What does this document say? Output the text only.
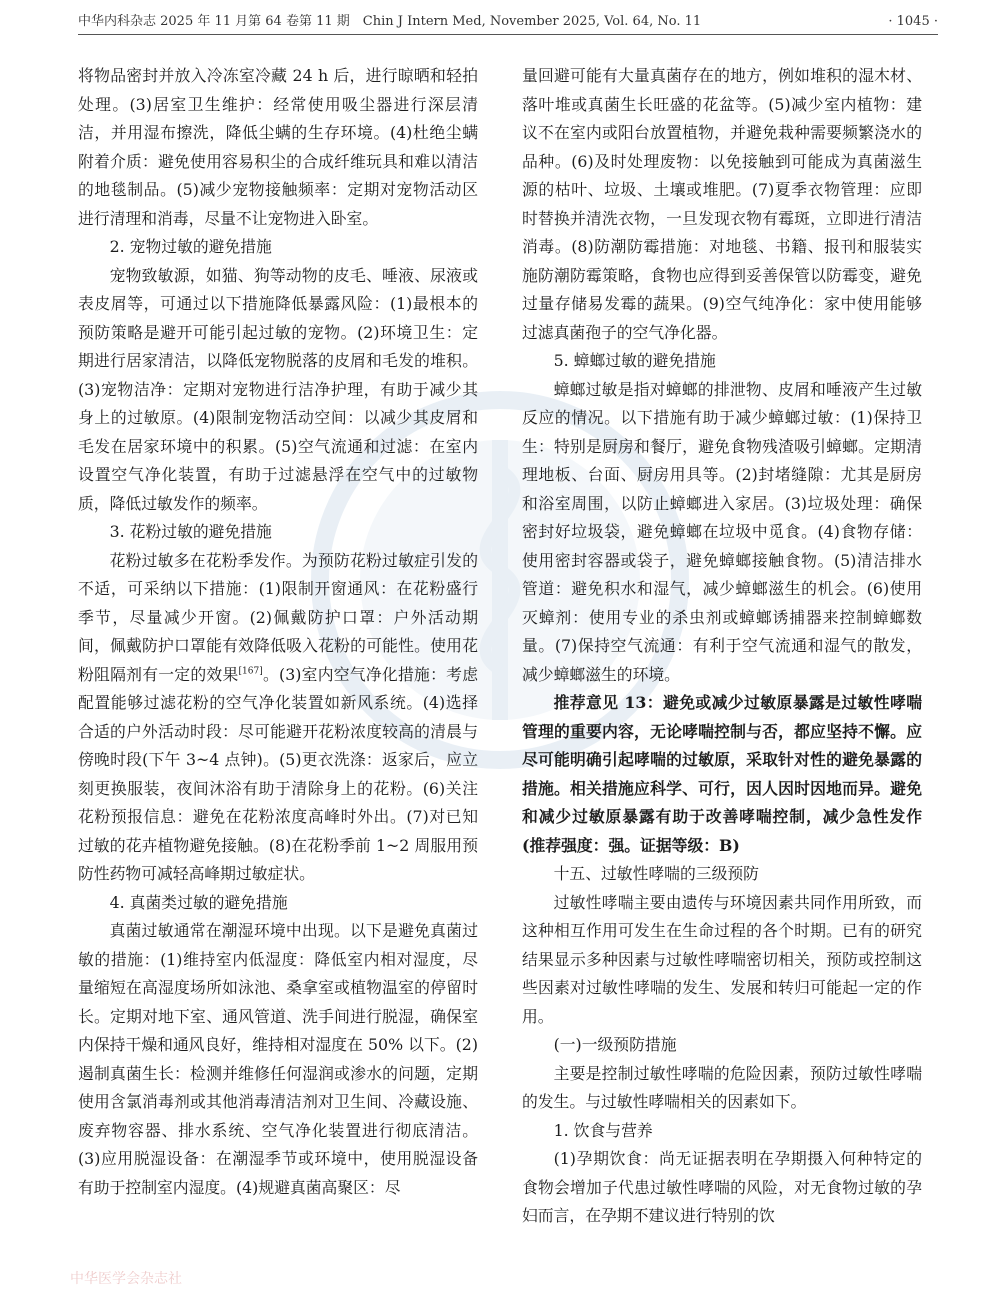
中华内科杂志 2025 年 11 月第 64 卷第 11 期　Chin J Intern Med, November 2025, Vol. 64, No. 11	· 1045 ·

将物品密封并放入冷冻室冷藏 24 h 后，进行晾晒和轻拍处理。(3)居室卫生维护：经常使用吸尘器进行深层清洁，并用湿布擦洗，降低尘螨的生存环境。(4)杜绝尘螨附着介质：避免使用容易积尘的合成纤维玩具和难以清洁的地毯制品。(5)减少宠物接触频率：定期对宠物活动区进行清理和消毒，尽量不让宠物进入卧室。

2. 宠物过敏的避免措施

宠物致敏源，如猫、狗等动物的皮毛、唾液、尿液或表皮屑等，可通过以下措施降低暴露风险：(1)最根本的预防策略是避开可能引起过敏的宠物。(2)环境卫生：定期进行居家清洁，以降低宠物脱落的皮屑和毛发的堆积。(3)宠物洁净：定期对宠物进行洁净护理，有助于减少其身上的过敏原。(4)限制宠物活动空间：以减少其皮屑和毛发在居家环境中的积累。(5)空气流通和过滤：在室内设置空气净化装置，有助于过滤悬浮在空气中的过敏物质，降低过敏发作的频率。

3. 花粉过敏的避免措施

花粉过敏多在花粉季发作。为预防花粉过敏症引发的不适，可采纳以下措施：(1)限制开窗通风：在花粉盛行季节，尽量减少开窗。(2)佩戴防护口罩：户外活动期间，佩戴防护口罩能有效降低吸入花粉的可能性。使用花粉阻隔剂有一定的效果[167]。(3)室内空气净化措施：考虑配置能够过滤花粉的空气净化装置如新风系统。(4)选择合适的户外活动时段：尽可能避开花粉浓度较高的清晨与傍晚时段(下午 3~4 点钟)。(5)更衣洗涤：返家后，应立刻更换服装，夜间沐浴有助于清除身上的花粉。(6)关注花粉预报信息：避免在花粉浓度高峰时外出。(7)对已知过敏的花卉植物避免接触。(8)在花粉季前 1~2 周服用预防性药物可减轻高峰期过敏症状。

4. 真菌类过敏的避免措施

真菌过敏通常在潮湿环境中出现。以下是避免真菌过敏的措施：(1)维持室内低湿度：降低室内相对湿度，尽量缩短在高湿度场所如泳池、桑拿室或植物温室的停留时长。定期对地下室、通风管道、洗手间进行脱湿，确保室内保持干燥和通风良好，维持相对湿度在 50% 以下。(2)遏制真菌生长：检测并维修任何湿润或渗水的问题，定期使用含氯消毒剂或其他消毒清洁剂对卫生间、冷藏设施、废弃物容器、排水系统、空气净化装置进行彻底清洁。(3)应用脱湿设备：在潮湿季节或环境中，使用脱湿设备有助于控制室内湿度。(4)规避真菌高聚区：尽

量回避可能有大量真菌存在的地方，例如堆积的湿木材、落叶堆或真菌生长旺盛的花盆等。(5)减少室内植物：建议不在室内或阳台放置植物，并避免栽种需要频繁浇水的品种。(6)及时处理废物：以免接触到可能成为真菌滋生源的枯叶、垃圾、土壤或堆肥。(7)夏季衣物管理：应即时替换并清洗衣物，一旦发现衣物有霉斑，立即进行清洁消毒。(8)防潮防霉措施：对地毯、书籍、报刊和服装实施防潮防霉策略，食物也应得到妥善保管以防霉变，避免过量存储易发霉的蔬果。(9)空气纯净化：家中使用能够过滤真菌孢子的空气净化器。

5. 蟑螂过敏的避免措施

蟑螂过敏是指对蟑螂的排泄物、皮屑和唾液产生过敏反应的情况。以下措施有助于减少蟑螂过敏：(1)保持卫生：特别是厨房和餐厅，避免食物残渣吸引蟑螂。定期清理地板、台面、厨房用具等。(2)封堵缝隙：尤其是厨房和浴室周围，以防止蟑螂进入家居。(3)垃圾处理：确保密封好垃圾袋，避免蟑螂在垃圾中觅食。(4)食物存储：使用密封容器或袋子，避免蟑螂接触食物。(5)清洁排水管道：避免积水和湿气，减少蟑螂滋生的机会。(6)使用灭蟑剂：使用专业的杀虫剂或蟑螂诱捕器来控制蟑螂数量。(7)保持空气流通：有利于空气流通和湿气的散发，减少蟑螂滋生的环境。

推荐意见 13：避免或减少过敏原暴露是过敏性哮喘管理的重要内容，无论哮喘控制与否，都应坚持不懈。应尽可能明确引起哮喘的过敏原，采取针对性的避免暴露的措施。相关措施应科学、可行，因人因时因地而异。避免和减少过敏原暴露有助于改善哮喘控制，减少急性发作(推荐强度：强。证据等级：B)

十五、过敏性哮喘的三级预防

过敏性哮喘主要由遗传与环境因素共同作用所致，而这种相互作用可发生在生命过程的各个时期。已有的研究结果显示多种因素与过敏性哮喘密切相关，预防或控制这些因素对过敏性哮喘的发生、发展和转归可能起一定的作用。

(一)一级预防措施

主要是控制过敏性哮喘的危险因素，预防过敏性哮喘的发生。与过敏性哮喘相关的因素如下。

1. 饮食与营养

(1)孕期饮食：尚无证据表明在孕期摄入何种特定的食物会增加子代患过敏性哮喘的风险，对无食物过敏的孕妇而言，在孕期不建议进行特别的饮

中华医学会杂志社
